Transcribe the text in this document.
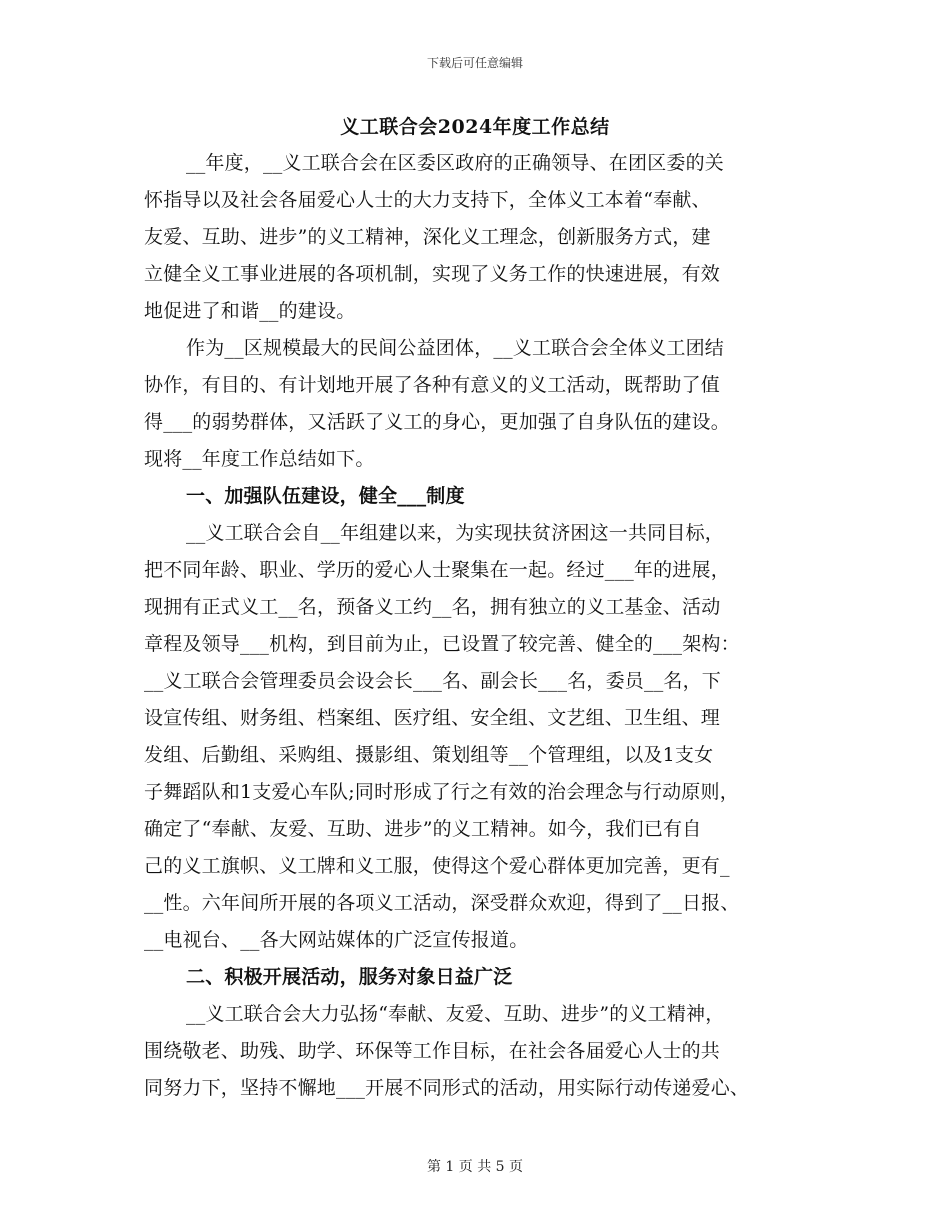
下载后可任意编辑
义工联合会2024年度工作总结
__年度，__义工联合会在区委区政府的正确领导、在团区委的关
怀指导以及社会各届爱心人士的大力支持下，全体义工本着“奉献、
友爱、互助、进步”的义工精神，深化义工理念，创新服务方式，建
立健全义工事业进展的各项机制，实现了义务工作的快速进展，有效
地促进了和谐__的建设。
作为__区规模最大的民间公益团体，__义工联合会全体义工团结
协作，有目的、有计划地开展了各种有意义的义工活动，既帮助了值
得___的弱势群体，又活跃了义工的身心，更加强了自身队伍的建设。
现将__年度工作总结如下。
一、加强队伍建设，健全___制度
__义工联合会自__年组建以来，为实现扶贫济困这一共同目标，
把不同年龄、职业、学历的爱心人士聚集在一起。经过___年的进展，
现拥有正式义工__名，预备义工约__名，拥有独立的义工基金、活动
章程及领导___机构，到目前为止，已设置了较完善、健全的___架构：
__义工联合会管理委员会设会长___名、副会长___名，委员__名，下
设宣传组、财务组、档案组、医疗组、安全组、文艺组、卫生组、理
发组、后勤组、采购组、摄影组、策划组等__个管理组，以及1支女
子舞蹈队和1支爱心车队;同时形成了行之有效的治会理念与行动原则，
确定了“奉献、友爱、互助、进步”的义工精神。如今，我们已有自
己的义工旗帜、义工牌和义工服，使得这个爱心群体更加完善，更有_
__性。六年间所开展的各项义工活动，深受群众欢迎，得到了__日报、
__电视台、__各大网站媒体的广泛宣传报道。
二、积极开展活动，服务对象日益广泛
__义工联合会大力弘扬“奉献、友爱、互助、进步”的义工精神，
围绕敬老、助残、助学、环保等工作目标，在社会各届爱心人士的共
同努力下，坚持不懈地___开展不同形式的活动，用实际行动传递爱心、
第 1 页 共 5 页
